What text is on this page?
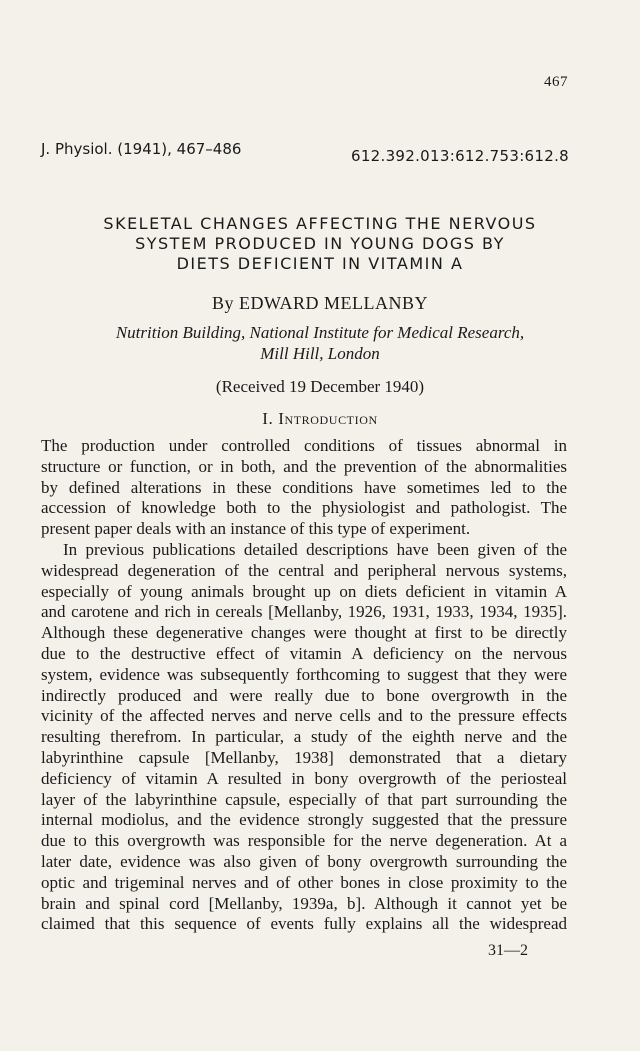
467
J. Physiol. (1941), 467–486	612.392.013:612.753:612.8
SKELETAL CHANGES AFFECTING THE NERVOUS
SYSTEM PRODUCED IN YOUNG DOGS BY
DIETS DEFICIENT IN VITAMIN A
By EDWARD MELLANBY
Nutrition Building, National Institute for Medical Research,
Mill Hill, London
(Received 19 December 1940)
I. Introduction
The production under controlled conditions of tissues abnormal in
structure or function, or in both, and the prevention of the abnormalities
by defined alterations in these conditions have sometimes led to the
accession of knowledge both to the physiologist and pathologist. The
present paper deals with an instance of this type of experiment.
In previous publications detailed descriptions have been given of the
widespread degeneration of the central and peripheral nervous systems,
especially of young animals brought up on diets deficient in vitamin A
and carotene and rich in cereals [Mellanby, 1926, 1931, 1933, 1934, 1935].
Although these degenerative changes were thought at first to be directly
due to the destructive effect of vitamin A deficiency on the nervous
system, evidence was subsequently forthcoming to suggest that they were
indirectly produced and were really due to bone overgrowth in the
vicinity of the affected nerves and nerve cells and to the pressure effects
resulting therefrom. In particular, a study of the eighth nerve and the
labyrinthine capsule [Mellanby, 1938] demonstrated that a dietary
deficiency of vitamin A resulted in bony overgrowth of the periosteal
layer of the labyrinthine capsule, especially of that part surrounding the
internal modiolus, and the evidence strongly suggested that the pressure
due to this overgrowth was responsible for the nerve degeneration. At a
later date, evidence was also given of bony overgrowth surrounding the
optic and trigeminal nerves and of other bones in close proximity to the
brain and spinal cord [Mellanby, 1939a, b]. Although it cannot yet be
claimed that this sequence of events fully explains all the widespread
31—2
